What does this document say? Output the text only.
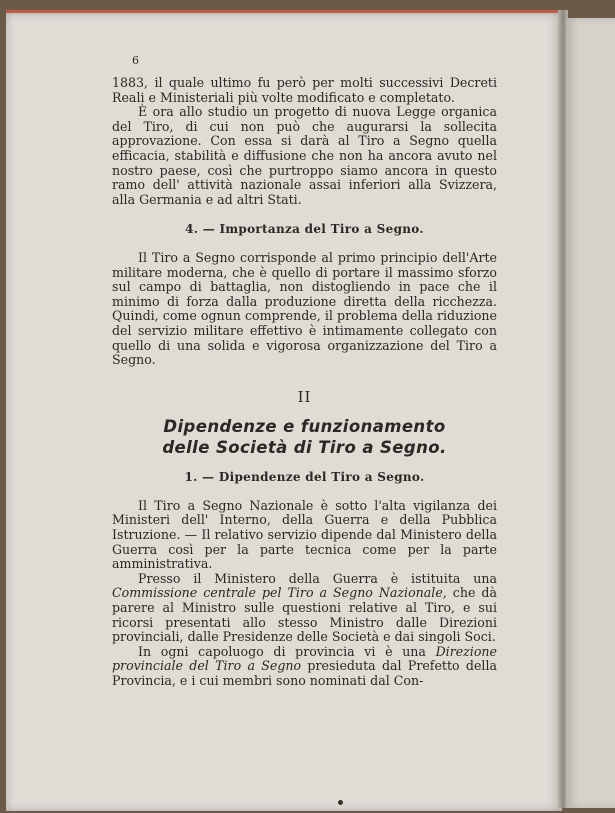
6

1883, il quale ultimo fu però per molti successivi Decreti Reali e Ministeriali più volte modificato e completato.

È ora allo studio un progetto di nuova Legge organica del Tiro, di cui non può che augurarsi la sollecita approvazione. Con essa si darà al Tiro a Segno quella efficacia, stabilità e diffusione che non ha ancora avuto nel nostro paese, così che purtroppo siamo ancora in questo ramo dell' attività nazionale assai inferiori alla Svizzera, alla Germania e ad altri Stati.

4. — Importanza del Tiro a Segno.

Il Tiro a Segno corrisponde al primo principio dell'Arte militare moderna, che è quello di portare il massimo sforzo sul campo di battaglia, non distogliendo in pace che il minimo di forza dalla produzione diretta della ricchezza. Quindi, come ognun comprende, il problema della riduzione del servizio militare effettivo è intimamente collegato con quello di una solida e vigorosa organizzazione del Tiro a Segno.

II
Dipendenze e funzionamento
delle Società di Tiro a Segno.
1. — Dipendenze del Tiro a Segno.

Il Tiro a Segno Nazionale è sotto l'alta vigilanza dei Ministeri dell' Interno, della Guerra e della Pubblica Istruzione. — Il relativo servizio dipende dal Ministero della Guerra così per la parte tecnica come per la parte amministrativa.

Presso il Ministero della Guerra è istituita una Commissione centrale pel Tiro a Segno Nazionale, che dà parere al Ministro sulle questioni relative al Tiro, e sui ricorsi presentati allo stesso Ministro dalle Direzioni provinciali, dalle Presidenze delle Società e dai singoli Soci.

In ogni capoluogo di provincia vi è una Direzione provinciale del Tiro a Segno presieduta dal Prefetto della Provincia, e i cui membri sono nominati dal Con-
